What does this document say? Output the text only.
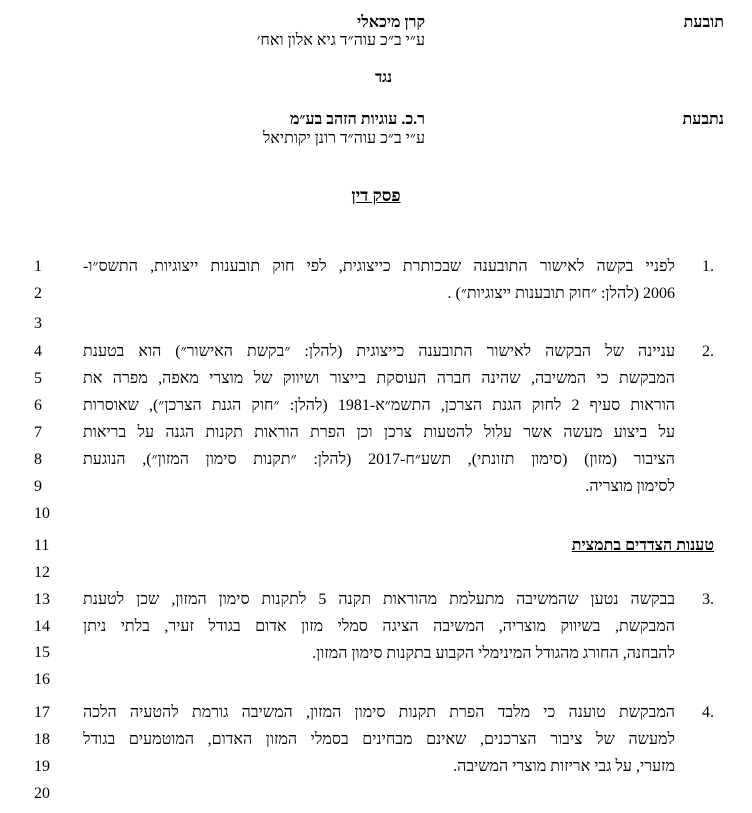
תובעת
קרן מיכאלי
ע״י ב״כ עוה״ד גיא אלון ואח׳
נגד
נתבעת
ר.כ. עוגיות הזהב בע״מ
ע״י ב״כ עוה״ד רונן יקותיאל
פסק דין
1
2
3
4
5
6
7
8
9
10
11
12
13
14
15
16
17
18
19
20
1.
לפניי בקשה לאישור התובענה שבכותרת כייצוגית, לפי חוק תובענות ייצוגיות, התשס״ו-
2006 (להלן: ״חוק תובענות ייצוגיות״) .
2.
עניינה של הבקשה לאישור התובענה כייצוגית (להלן: ״בקשת האישור״) הוא בטענת
המבקשת כי המשיבה, שהינה חברה העוסקת בייצור ושיווק של מוצרי מאפה, מפרה את
הוראות סעיף 2 לחוק הגנת הצרכן, התשמ״א-1981 (להלן: ״חוק הגנת הצרכן״), שאוסרות
על ביצוע מעשה אשר עלול להטעות צרכן וכן הפרת הוראות תקנות הגנה על בריאות
הציבור (מזון) (סימון תזונתי), תשע״ח-2017 (להלן: ״תקנות סימון המזון״), הנוגעת
לסימון מוצריה.
טענות הצדדים בתמצית
3.
בבקשה נטען שהמשיבה מתעלמת מהוראות תקנה 5 לתקנות סימון המזון, שכן לטענת
המבקשת, בשיווק מוצריה, המשיבה הציגה סמלי מזון אדום בגודל זעיר, בלתי ניתן
להבחנה, החורג מהגודל המינימלי הקבוע בתקנות סימון המזון.
4.
המבקשת טוענה כי מלבד הפרת תקנות סימון המזון, המשיבה גורמת להטעיה הלכה
למעשה של ציבור הצרכנים, שאינם מבחינים בסמלי המזון האדום, המוטמעים בגודל
מזערי, על גבי אריזות מוצרי המשיבה.
